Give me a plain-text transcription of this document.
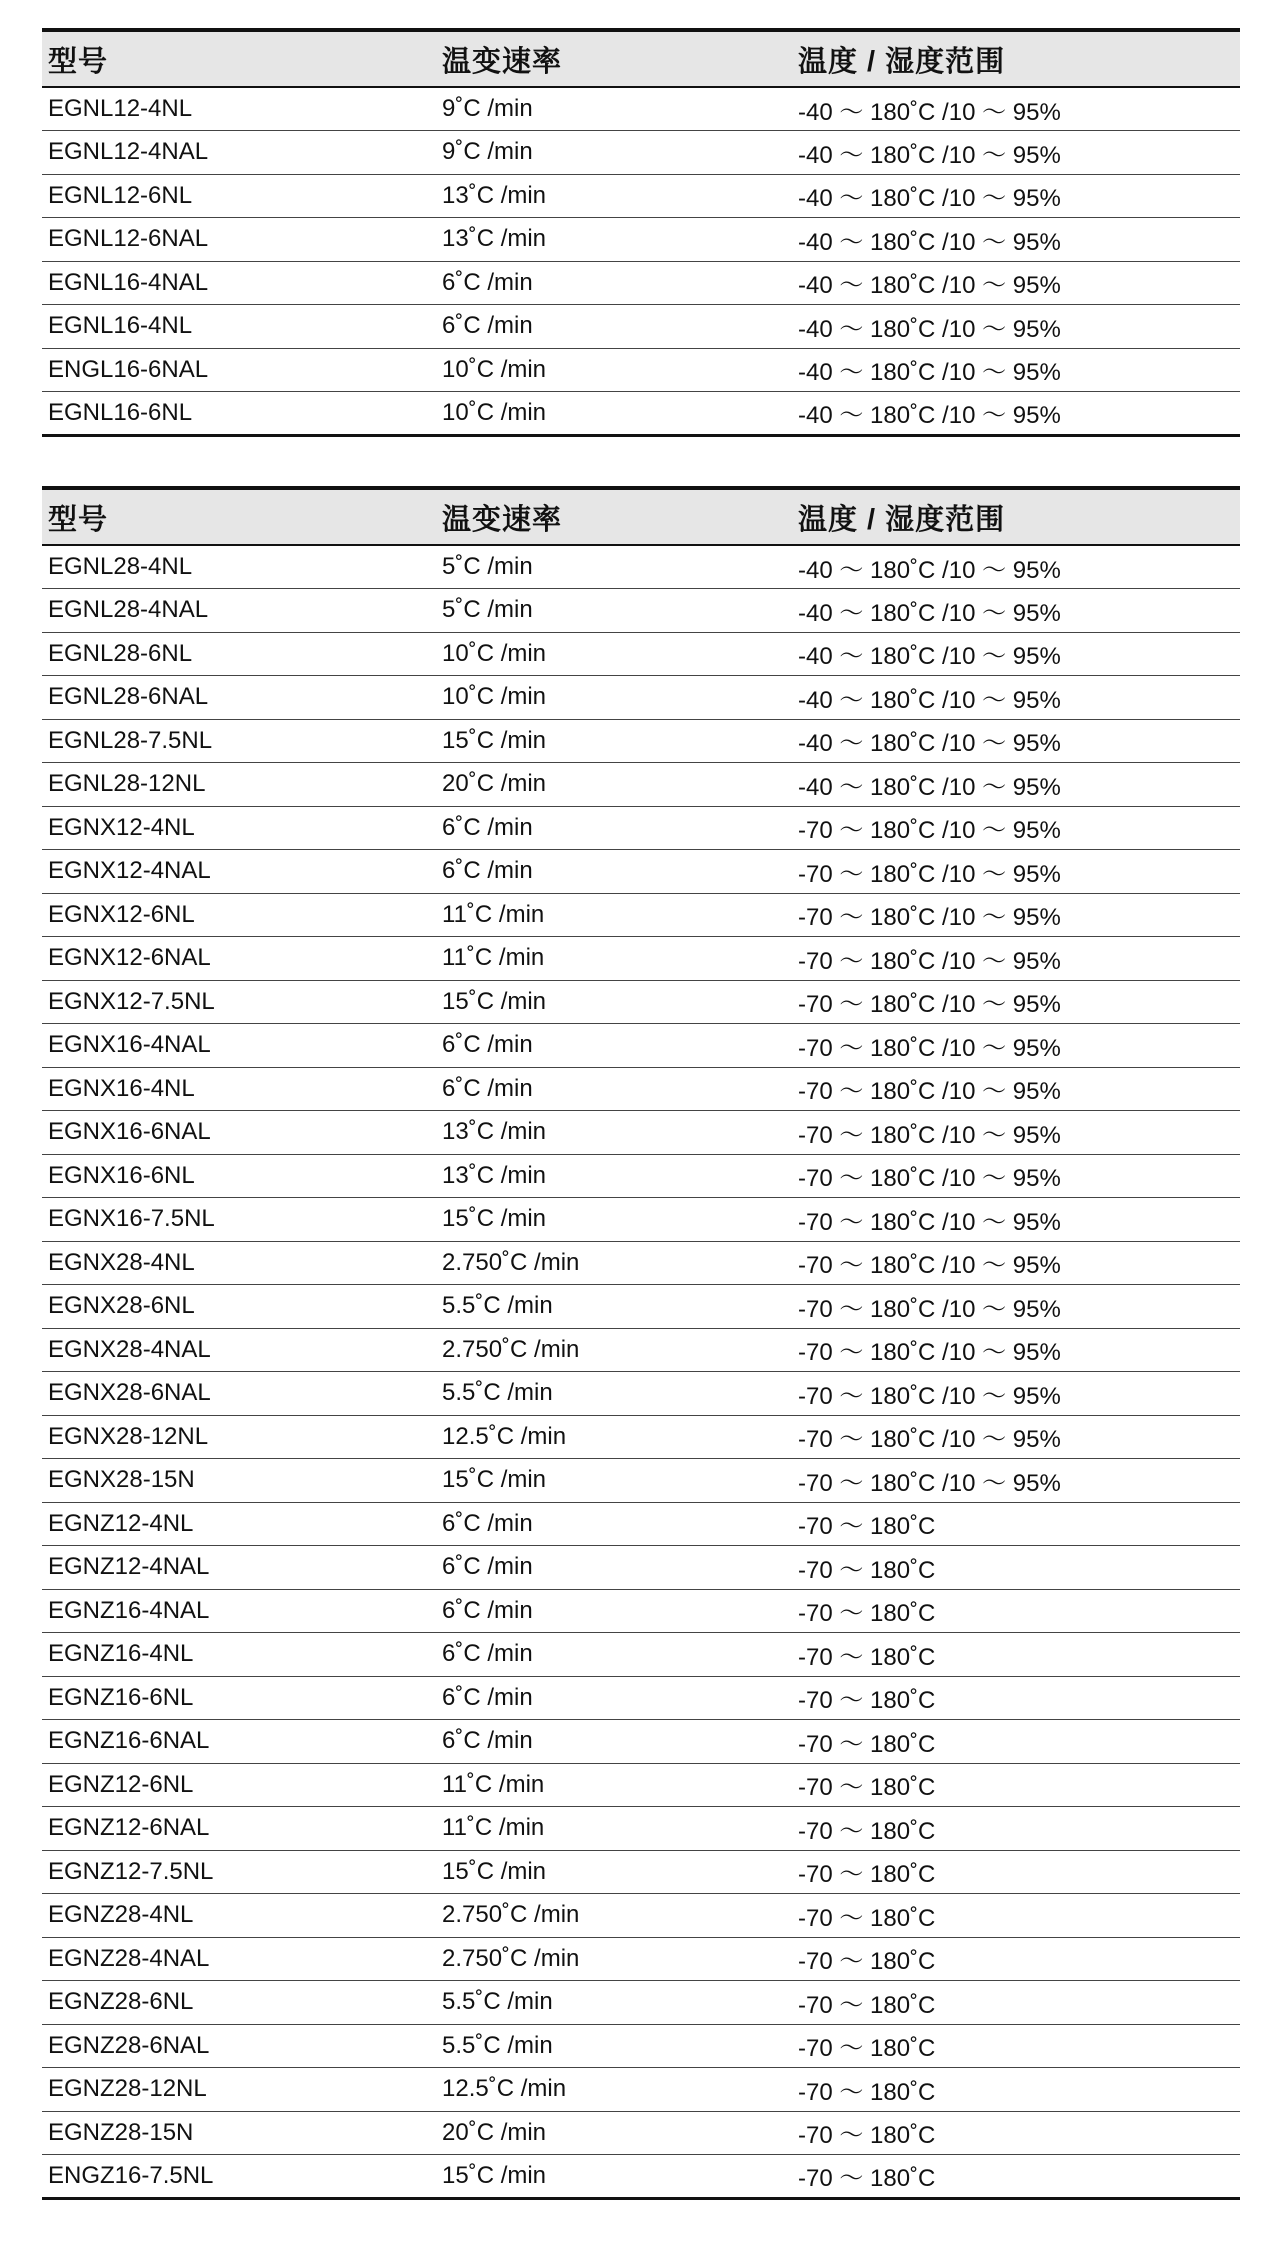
型号	温变速率	温度 / 湿度范围
EGNL12-4NL	9˚C /min	-40 ～ 180˚C /10 ～ 95%
EGNL12-4NAL	9˚C /min	-40 ～ 180˚C /10 ～ 95%
EGNL12-6NL	13˚C /min	-40 ～ 180˚C /10 ～ 95%
EGNL12-6NAL	13˚C /min	-40 ～ 180˚C /10 ～ 95%
EGNL16-4NAL	6˚C /min	-40 ～ 180˚C /10 ～ 95%
EGNL16-4NL	6˚C /min	-40 ～ 180˚C /10 ～ 95%
ENGL16-6NAL	10˚C /min	-40 ～ 180˚C /10 ～ 95%
EGNL16-6NL	10˚C /min	-40 ～ 180˚C /10 ～ 95%
型号	温变速率	温度 / 湿度范围
EGNL28-4NL	5˚C /min	-40 ～ 180˚C /10 ～ 95%
EGNL28-4NAL	5˚C /min	-40 ～ 180˚C /10 ～ 95%
EGNL28-6NL	10˚C /min	-40 ～ 180˚C /10 ～ 95%
EGNL28-6NAL	10˚C /min	-40 ～ 180˚C /10 ～ 95%
EGNL28-7.5NL	15˚C /min	-40 ～ 180˚C /10 ～ 95%
EGNL28-12NL	20˚C /min	-40 ～ 180˚C /10 ～ 95%
EGNX12-4NL	6˚C /min	-70 ～ 180˚C /10 ～ 95%
EGNX12-4NAL	6˚C /min	-70 ～ 180˚C /10 ～ 95%
EGNX12-6NL	11˚C /min	-70 ～ 180˚C /10 ～ 95%
EGNX12-6NAL	11˚C /min	-70 ～ 180˚C /10 ～ 95%
EGNX12-7.5NL	15˚C /min	-70 ～ 180˚C /10 ～ 95%
EGNX16-4NAL	6˚C /min	-70 ～ 180˚C /10 ～ 95%
EGNX16-4NL	6˚C /min	-70 ～ 180˚C /10 ～ 95%
EGNX16-6NAL	13˚C /min	-70 ～ 180˚C /10 ～ 95%
EGNX16-6NL	13˚C /min	-70 ～ 180˚C /10 ～ 95%
EGNX16-7.5NL	15˚C /min	-70 ～ 180˚C /10 ～ 95%
EGNX28-4NL	2.750˚C /min	-70 ～ 180˚C /10 ～ 95%
EGNX28-6NL	5.5˚C /min	-70 ～ 180˚C /10 ～ 95%
EGNX28-4NAL	2.750˚C /min	-70 ～ 180˚C /10 ～ 95%
EGNX28-6NAL	5.5˚C /min	-70 ～ 180˚C /10 ～ 95%
EGNX28-12NL	12.5˚C /min	-70 ～ 180˚C /10 ～ 95%
EGNX28-15N	15˚C /min	-70 ～ 180˚C /10 ～ 95%
EGNZ12-4NL	6˚C /min	-70 ～ 180˚C
EGNZ12-4NAL	6˚C /min	-70 ～ 180˚C
EGNZ16-4NAL	6˚C /min	-70 ～ 180˚C
EGNZ16-4NL	6˚C /min	-70 ～ 180˚C
EGNZ16-6NL	6˚C /min	-70 ～ 180˚C
EGNZ16-6NAL	6˚C /min	-70 ～ 180˚C
EGNZ12-6NL	11˚C /min	-70 ～ 180˚C
EGNZ12-6NAL	11˚C /min	-70 ～ 180˚C
EGNZ12-7.5NL	15˚C /min	-70 ～ 180˚C
EGNZ28-4NL	2.750˚C /min	-70 ～ 180˚C
EGNZ28-4NAL	2.750˚C /min	-70 ～ 180˚C
EGNZ28-6NL	5.5˚C /min	-70 ～ 180˚C
EGNZ28-6NAL	5.5˚C /min	-70 ～ 180˚C
EGNZ28-12NL	12.5˚C /min	-70 ～ 180˚C
EGNZ28-15N	20˚C /min	-70 ～ 180˚C
ENGZ16-7.5NL	15˚C /min	-70 ～ 180˚C
